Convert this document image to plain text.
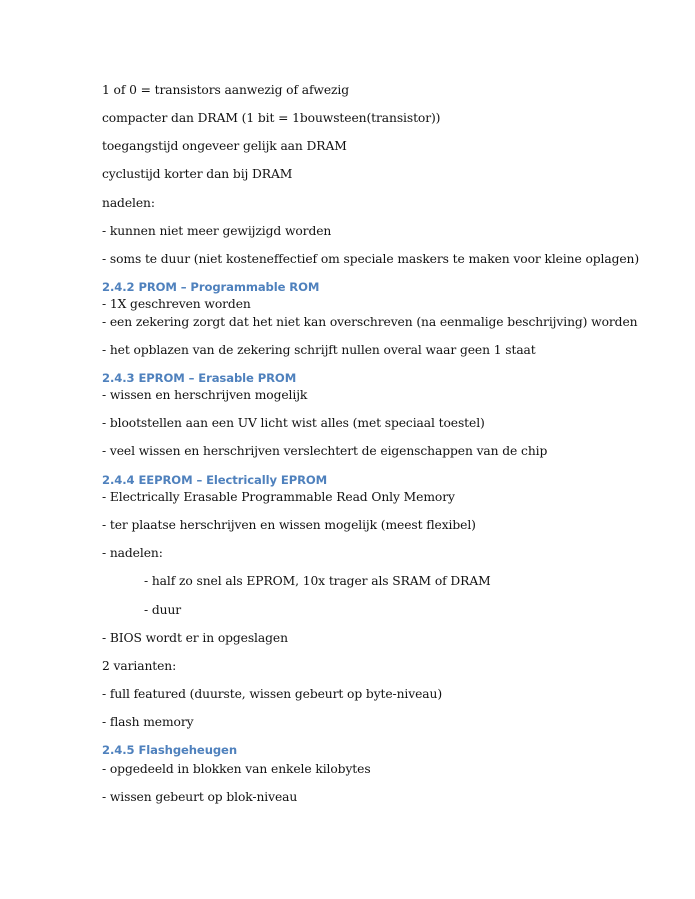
1 of 0 = transistors aanwezig of afwezig
compacter dan DRAM (1 bit = 1bouwsteen(transistor))
toegangstijd ongeveer gelijk aan DRAM
cyclustijd korter dan bij DRAM
nadelen:
- kunnen niet meer gewijzigd worden
- soms te duur (niet kosteneffectief om speciale maskers te maken voor kleine oplagen)
2.4.2 PROM – Programmable ROM
- 1X geschreven worden
- een zekering zorgt dat het niet kan overschreven (na eenmalige beschrijving) worden
- het opblazen van de zekering schrijft nullen overal waar geen 1 staat
2.4.3 EPROM – Erasable PROM
- wissen en herschrijven mogelijk
- blootstellen aan een UV licht wist alles (met speciaal toestel)
- veel wissen en herschrijven verslechtert de eigenschappen van de chip
2.4.4 EEPROM – Electrically EPROM
- Electrically Erasable Programmable Read Only Memory
- ter plaatse herschrijven en wissen mogelijk (meest flexibel)
- nadelen:
- half zo snel als EPROM, 10x trager als SRAM of DRAM
- duur
- BIOS wordt er in opgeslagen
2 varianten:
- full featured (duurste, wissen gebeurt op byte-niveau)
- flash memory
2.4.5 Flashgeheugen
- opgedeeld in blokken van enkele kilobytes
- wissen gebeurt op blok-niveau
